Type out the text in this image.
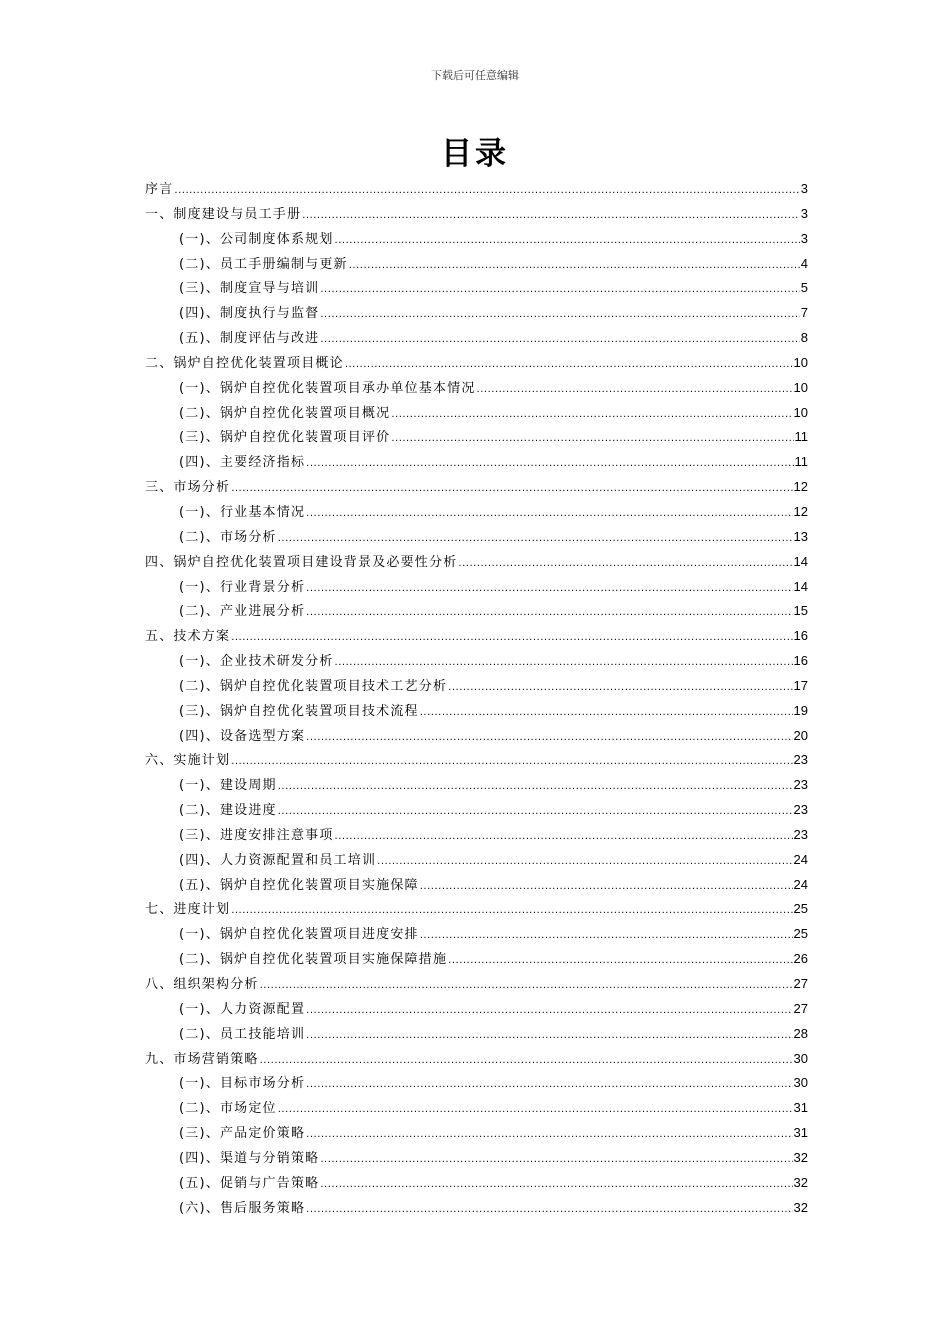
下载后可任意编辑
目录
序言 .....	3
一、制度建设与员工手册 .....	3
(一)、公司制度体系规划 .....	3
(二)、员工手册编制与更新 .....	4
(三)、制度宣导与培训 .....	5
(四)、制度执行与监督 .....	7
(五)、制度评估与改进 .....	8
二、锅炉自控优化装置项目概论 .....	10
(一)、锅炉自控优化装置项目承办单位基本情况 .....	10
(二)、锅炉自控优化装置项目概况 .....	10
(三)、锅炉自控优化装置项目评价 .....	11
(四)、主要经济指标 .....	11
三、市场分析 .....	12
(一)、行业基本情况 .....	12
(二)、市场分析 .....	13
四、锅炉自控优化装置项目建设背景及必要性分析 .....	14
(一)、行业背景分析 .....	14
(二)、产业进展分析 .....	15
五、技术方案 .....	16
(一)、企业技术研发分析 .....	16
(二)、锅炉自控优化装置项目技术工艺分析 .....	17
(三)、锅炉自控优化装置项目技术流程 .....	19
(四)、设备选型方案 .....	20
六、实施计划 .....	23
(一)、建设周期 .....	23
(二)、建设进度 .....	23
(三)、进度安排注意事项 .....	23
(四)、人力资源配置和员工培训 .....	24
(五)、锅炉自控优化装置项目实施保障 .....	24
七、进度计划 .....	25
(一)、锅炉自控优化装置项目进度安排 .....	25
(二)、锅炉自控优化装置项目实施保障措施 .....	26
八、组织架构分析 .....	27
(一)、人力资源配置 .....	27
(二)、员工技能培训 .....	28
九、市场营销策略 .....	30
(一)、目标市场分析 .....	30
(二)、市场定位 .....	31
(三)、产品定价策略 .....	31
(四)、渠道与分销策略 .....	32
(五)、促销与广告策略 .....	32
(六)、售后服务策略 .....	32
